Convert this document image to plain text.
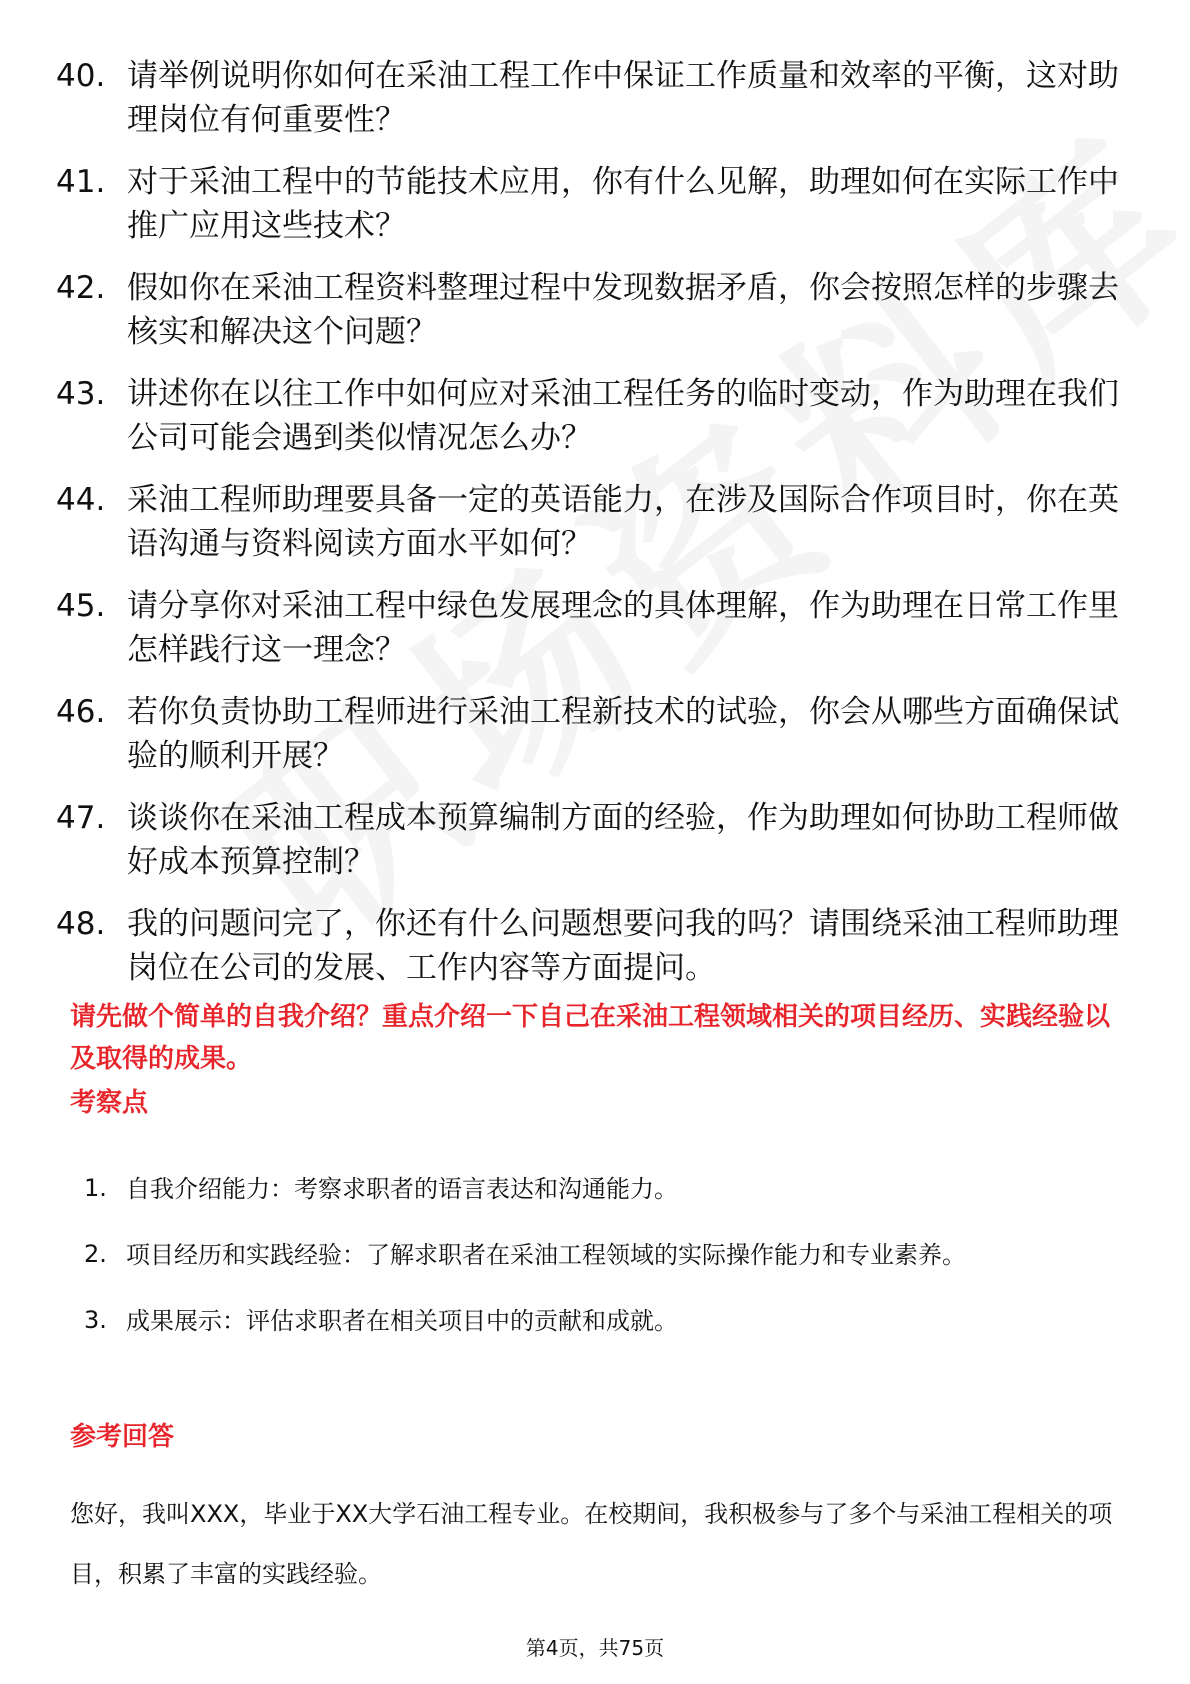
40. 请举例说明你如何在采油工程工作中保证工作质量和效率的平衡，这对助理岗位有何重要性？
41. 对于采油工程中的节能技术应用，你有什么见解，助理如何在实际工作中推广应用这些技术？
42. 假如你在采油工程资料整理过程中发现数据矛盾，你会按照怎样的步骤去核实和解决这个问题？
43. 讲述你在以往工作中如何应对采油工程任务的临时变动，作为助理在我们公司可能会遇到类似情况怎么办？
44. 采油工程师助理要具备一定的英语能力，在涉及国际合作项目时，你在英语沟通与资料阅读方面水平如何？
45. 请分享你对采油工程中绿色发展理念的具体理解，作为助理在日常工作里怎样践行这一理念？
46. 若你负责协助工程师进行采油工程新技术的试验，你会从哪些方面确保试验的顺利开展？
47. 谈谈你在采油工程成本预算编制方面的经验，作为助理如何协助工程师做好成本预算控制？
48. 我的问题问完了，你还有什么问题想要问我的吗？请围绕采油工程师助理岗位在公司的发展、工作内容等方面提问。
请先做个简单的自我介绍？重点介绍一下自己在采油工程领域相关的项目经历、实践经验以及取得的成果。
考察点
1. 自我介绍能力：考察求职者的语言表达和沟通能力。
2. 项目经历和实践经验：了解求职者在采油工程领域的实际操作能力和专业素养。
3. 成果展示：评估求职者在相关项目中的贡献和成就。
参考回答
您好，我叫XXX，毕业于XX大学石油工程专业。在校期间，我积极参与了多个与采油工程相关的项目，积累了丰富的实践经验。
第4页，共75页
